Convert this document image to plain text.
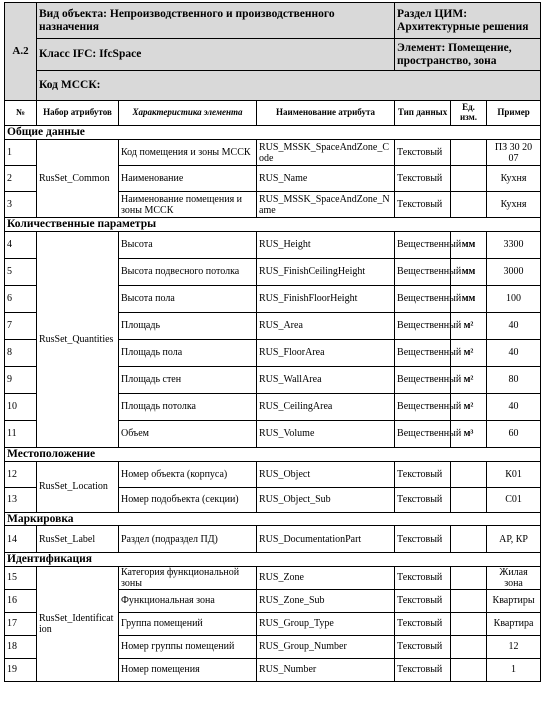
А.2	Вид объекта: Непроизводственного и производственного назначения			Раздел ЦИМ: Архитектурные решения		
	Класс IFC: IfcSpace			Элемент: Помещение, пространство, зона		
	Код МССК:					
№	Набор атрибутов	Характеристика элемента	Наименование атрибута	Тип данных	Ед. изм.	Пример
Общие данные						
1	RusSet_Common	Код помещения и зоны МССК	RUS_MSSK_SpaceAndZone_Code	Текстовый		ПЗ 30 20 07
2		Наименование	RUS_Name	Текстовый		Кухня
3		Наименование помещения и зоны МССК	RUS_MSSK_SpaceAndZone_Name	Текстовый		Кухня
Количественные параметры						
4	RusSet_Quantities	Высота	RUS_Height	Вещественный	мм	3300
5		Высота подвесного потолка	RUS_FinishCeilingHeight	Вещественный	мм	3000
6		Высота пола	RUS_FinishFloorHeight	Вещественный	мм	100
7		Площадь	RUS_Area	Вещественный	м²	40
8		Площадь пола	RUS_FloorArea	Вещественный	м²	40
9		Площадь стен	RUS_WallArea	Вещественный	м²	80
10		Площадь потолка	RUS_CeilingArea	Вещественный	м²	40
11		Объем	RUS_Volume	Вещественный	м³	60
Местоположение						
12	RusSet_Location	Номер объекта (корпуса)	RUS_Object	Текстовый		К01
13		Номер подобъекта (секции)	RUS_Object_Sub	Текстовый		С01
Маркировка						
14	RusSet_Label	Раздел (подраздел ПД)	RUS_DocumentationPart	Текстовый		АР, КР
Идентификация						
15	RusSet_Identification	Категория функциональной зоны	RUS_Zone	Текстовый		Жилая зона
16		Функциональная зона	RUS_Zone_Sub	Текстовый		Квартиры
17		Группа помещений	RUS_Group_Type	Текстовый		Квартира
18		Номер группы помещений	RUS_Group_Number	Текстовый		12
19		Номер помещения	RUS_Number	Текстовый		1
